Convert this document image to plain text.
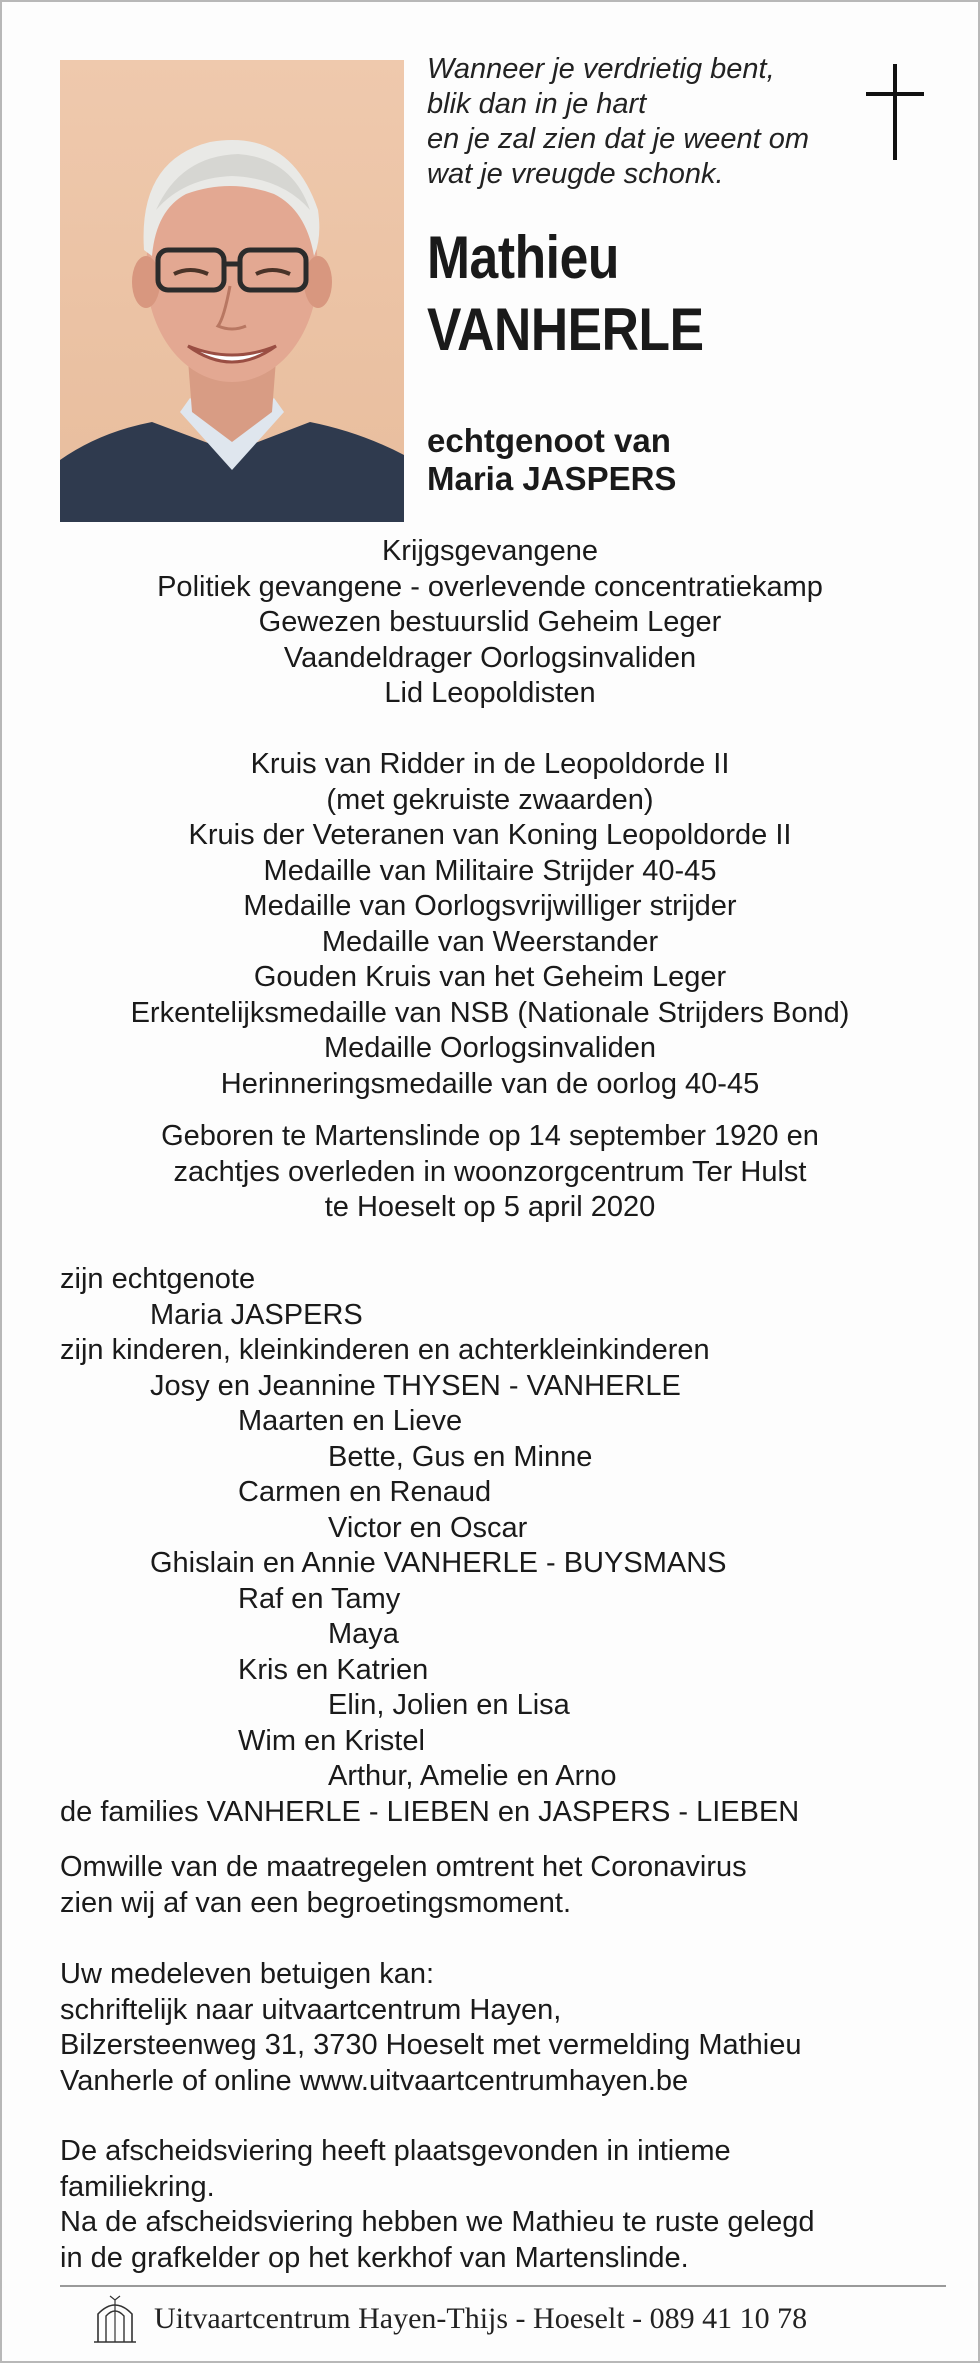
Wanneer je verdrietig bent,
blik dan in je hart
en je zal zien dat je weent om
wat je vreugde schonk.
Mathieu
VANHERLE
echtgenoot van
Maria JASPERS
Krijgsgevangene
Politiek gevangene - overlevende concentratiekamp
Gewezen bestuurslid Geheim Leger
Vaandeldrager Oorlogsinvaliden
Lid Leopoldisten
Kruis van Ridder in de Leopoldorde II
(met gekruiste zwaarden)
Kruis der Veteranen van Koning Leopoldorde II
Medaille van Militaire Strijder 40-45
Medaille van Oorlogsvrijwilliger strijder
Medaille van Weerstander
Gouden Kruis van het Geheim Leger
Erkentelijksmedaille van NSB (Nationale Strijders Bond)
Medaille Oorlogsinvaliden
Herinneringsmedaille van de oorlog 40-45
Geboren te Martenslinde op 14 september 1920 en
zachtjes overleden in woonzorgcentrum Ter Hulst
te Hoeselt op 5 april 2020
zijn echtgenote
Maria JASPERS
zijn kinderen, kleinkinderen en achterkleinkinderen
Josy en Jeannine THYSEN - VANHERLE
Maarten en Lieve
Bette, Gus en Minne
Carmen en Renaud
Victor en Oscar
Ghislain en Annie VANHERLE - BUYSMANS
Raf en Tamy
Maya
Kris en Katrien
Elin, Jolien en Lisa
Wim en Kristel
Arthur, Amelie en Arno
de families VANHERLE - LIEBEN en JASPERS - LIEBEN
Omwille van de maatregelen omtrent het Coronavirus
zien wij af van een begroetingsmoment.
Uw medeleven betuigen kan:
schriftelijk naar uitvaartcentrum Hayen,
Bilzersteenweg 31, 3730 Hoeselt met vermelding Mathieu
Vanherle of online www.uitvaartcentrumhayen.be
De afscheidsviering heeft plaatsgevonden in intieme
familiekring.
Na de afscheidsviering hebben we Mathieu te ruste gelegd
in de grafkelder op het kerkhof van Martenslinde.
Uitvaartcentrum Hayen-Thijs - Hoeselt - 089 41 10 78
